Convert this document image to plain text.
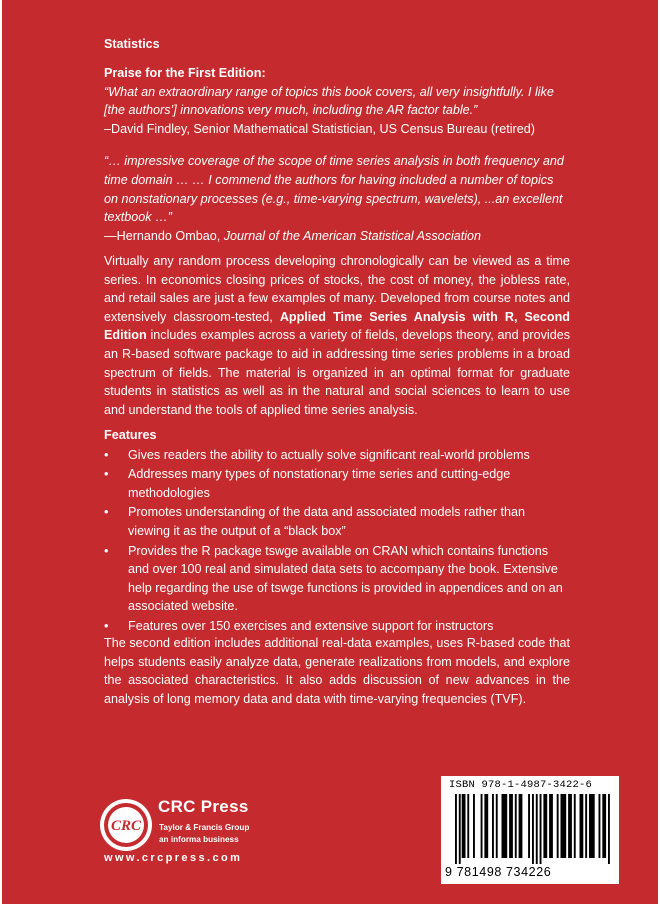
Statistics

Praise for the First Edition:

“What an extraordinary range of topics this book covers, all very insightfully. I like [the authors’] innovations very much, including the AR factor table.”

–David Findley, Senior Mathematical Statistician, US Census Bureau (retired)

“… impressive coverage of the scope of time series analysis in both frequency and time domain … … I commend the authors for having included a number of topics on nonstationary processes (e.g., time-varying spectrum, wavelets), ...an excellent textbook …”

—Hernando Ombao, Journal of the American Statistical Association

Virtually any random process developing chronologically can be viewed as a time series. In economics closing prices of stocks, the cost of money, the jobless rate, and retail sales are just a few examples of many. Developed from course notes and extensively classroom-tested, Applied Time Series Analysis with R, Second Edition includes examples across a variety of fields, develops theory, and provides an R-based software package to aid in addressing time series problems in a broad spectrum of fields. The material is organized in an optimal format for graduate students in statistics as well as in the natural and social sciences to learn to use and understand the tools of applied time series analysis.

Features

• Gives readers the ability to actually solve significant real-world problems
• Addresses many types of nonstationary time series and cutting-edge methodologies
• Promotes understanding of the data and associated models rather than viewing it as the output of a “black box”
• Provides the R package tswge available on CRAN which contains functions and over 100 real and simulated data sets to accompany the book. Extensive help regarding the use of tswge functions is provided in appendices and on an associated website.
• Features over 150 exercises and extensive support for instructors

The second edition includes additional real-data examples, uses R-based code that helps students easily analyze data, generate realizations from models, and explore the associated characteristics. It also adds discussion of new advances in the analysis of long memory data and data with time-varying frequencies (TVF).

CRC
CRC Press
Taylor & Francis Group
an informa business
www.crcpress.com
ISBN 978-1-4987-3422-6
9 781498 734226
